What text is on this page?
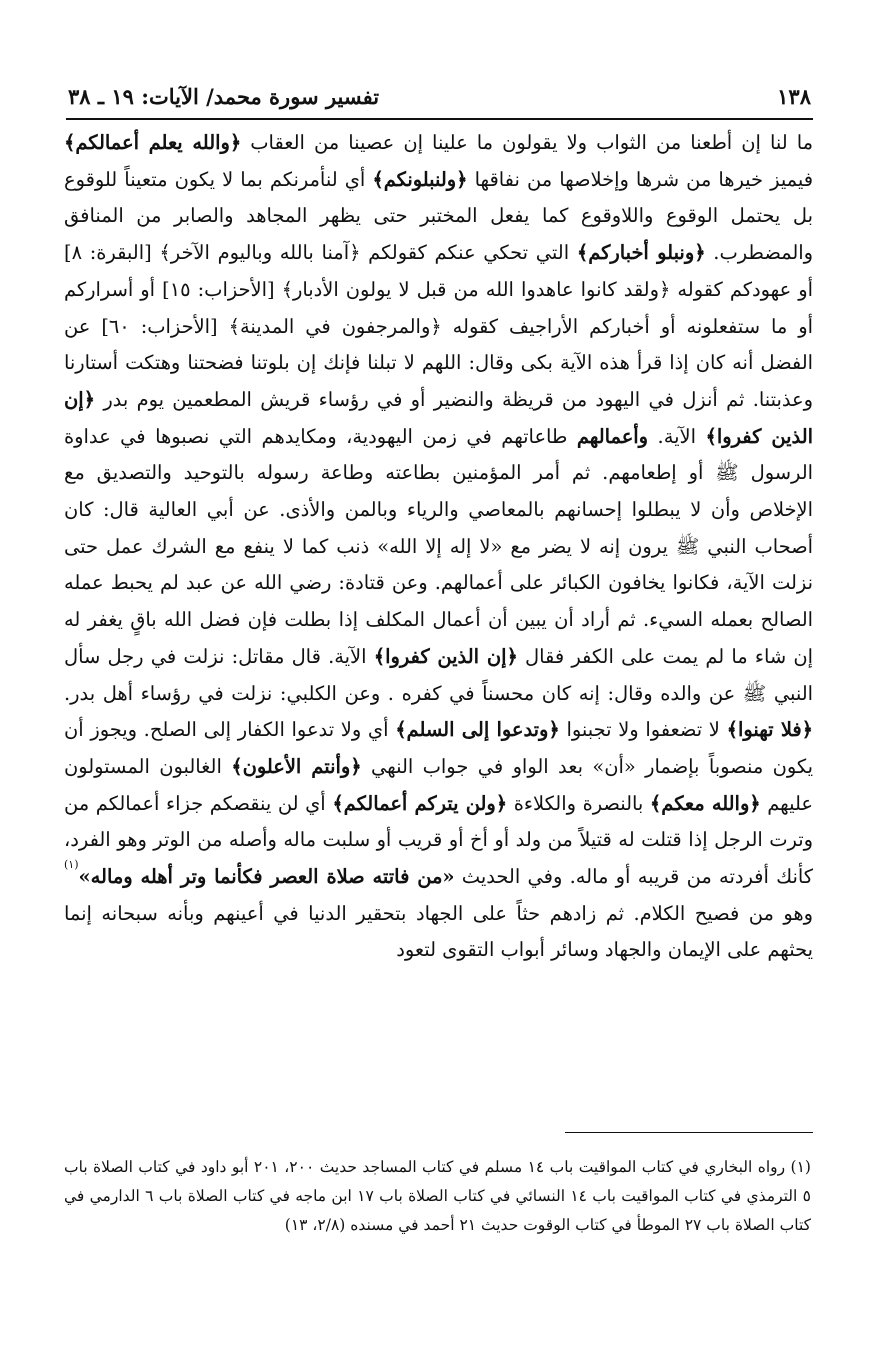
١٣٨
تفسير سورة محمد/ الآيات: ١٩ ـ ٣٨

ما لنا إن أطعنا من الثواب ولا يقولون ما علينا إن عصينا من العقاب ﴿والله يعلم أعمالكم﴾ فيميز خيرها من شرها وإخلاصها من نفاقها ﴿ولنبلونكم﴾ أي لنأمرنكم بما لا يكون متعيناً للوقوع بل يحتمل الوقوع واللاوقوع كما يفعل المختبر حتى يظهر المجاهد والصابر من المنافق والمضطرب. ﴿ونبلو أخباركم﴾ التي تحكي عنكم كقولكم ﴿آمنا بالله وباليوم الآخر﴾ [البقرة: ٨] أو عهودكم كقوله ﴿ولقد كانوا عاهدوا الله من قبل لا يولون الأدبار﴾ [الأحزاب: ١٥] أو أسراركم أو ما ستفعلونه أو أخباركم الأراجيف كقوله ﴿والمرجفون في المدينة﴾ [الأحزاب: ٦٠] عن الفضل أنه كان إذا قرأ هذه الآية بكى وقال: اللهم لا تبلنا فإنك إن بلوتنا فضحتنا وهتكت أستارنا وعذبتنا. ثم أنزل في اليهود من قريظة والنضير أو في رؤساء قريش المطعمين يوم بدر ﴿إن الذين كفروا﴾ الآية. وأعمالهم طاعاتهم في زمن اليهودية، ومكايدهم التي نصبوها في عداوة الرسول ﷺ أو إطعامهم. ثم أمر المؤمنين بطاعته وطاعة رسوله بالتوحيد والتصديق مع الإخلاص وأن لا يبطلوا إحسانهم بالمعاصي والرياء وبالمن والأذى. عن أبي العالية قال: كان أصحاب النبي ﷺ يرون إنه لا يضر مع «لا إله إلا الله» ذنب كما لا ينفع مع الشرك عمل حتى نزلت الآية، فكانوا يخافون الكبائر على أعمالهم. وعن قتادة: رضي الله عن عبد لم يحبط عمله الصالح بعمله السيء. ثم أراد أن يبين أن أعمال المكلف إذا بطلت فإن فضل الله باقٍ يغفر له إن شاء ما لم يمت على الكفر فقال ﴿إن الذين كفروا﴾ الآية. قال مقاتل: نزلت في رجل سأل النبي ﷺ عن والده وقال: إنه كان محسناً في كفره . وعن الكلبي: نزلت في رؤساء أهل بدر. ﴿فلا تهنوا﴾ لا تضعفوا ولا تجبنوا ﴿وتدعوا إلى السلم﴾ أي ولا تدعوا الكفار إلى الصلح. ويجوز أن يكون منصوباً بإضمار «أن» بعد الواو في جواب النهي ﴿وأنتم الأعلون﴾ الغالبون المستولون عليهم ﴿والله معكم﴾ بالنصرة والكلاءة ﴿ولن يتركم أعمالكم﴾ أي لن ينقصكم جزاء أعمالكم من وترت الرجل إذا قتلت له قتيلاً من ولد أو أخ أو قريب أو سلبت ماله وأصله من الوتر وهو الفرد، كأنك أفردته من قريبه أو ماله. وفي الحديث «من فاتته صلاة العصر فكأنما وتر أهله وماله»$^{(١)}$ وهو من فصيح الكلام. ثم زادهم حثاً على الجهاد بتحقير الدنيا في أعينهم وبأنه سبحانه إنما يحثهم على الإيمان والجهاد وسائر أبواب التقوى لتعود

(١) رواه البخاري في كتاب المواقيت باب ١٤ مسلم في كتاب المساجد حديث ٢٠٠، ٢٠١ أبو داود في كتاب الصلاة باب ٥ الترمذي في كتاب المواقيت باب ١٤ النسائي في كتاب الصلاة باب ١٧ ابن ماجه في كتاب الصلاة باب ٦ الدارمي في كتاب الصلاة باب ٢٧ الموطأ في كتاب الوقوت حديث ٢١ أحمد في مسنده (٢/٨، ١٣)
